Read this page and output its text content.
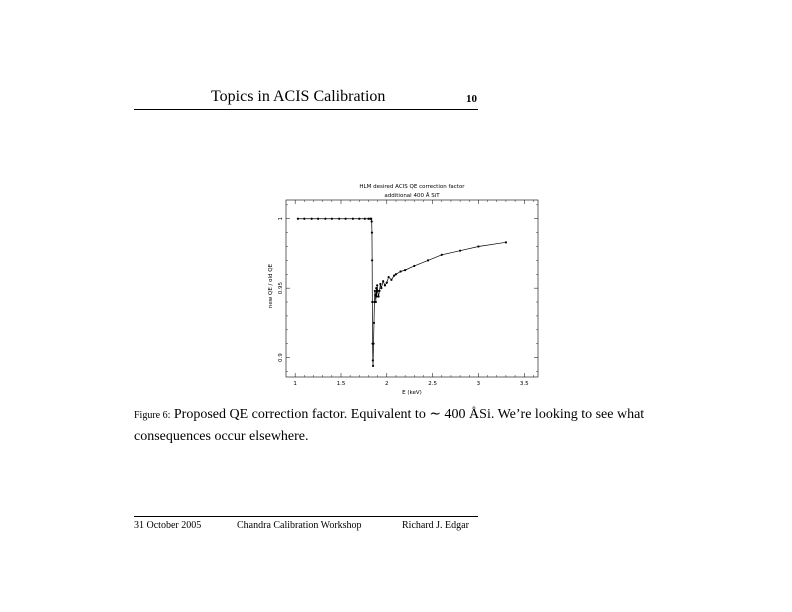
Topics in ACIS Calibration	10
HLM desired ACIS QE correction factor
additional 400 Å SiT
1	1.5	2	2.5	3	3.5
0.9
0.95
1
E (keV)
new QE / old QE
Figure 6: Proposed QE correction factor. Equivalent to ∼ 400 ÅSi. We’re looking to see what consequences occur elsewhere.
31 October 2005	Chandra Calibration Workshop	Richard J. Edgar
